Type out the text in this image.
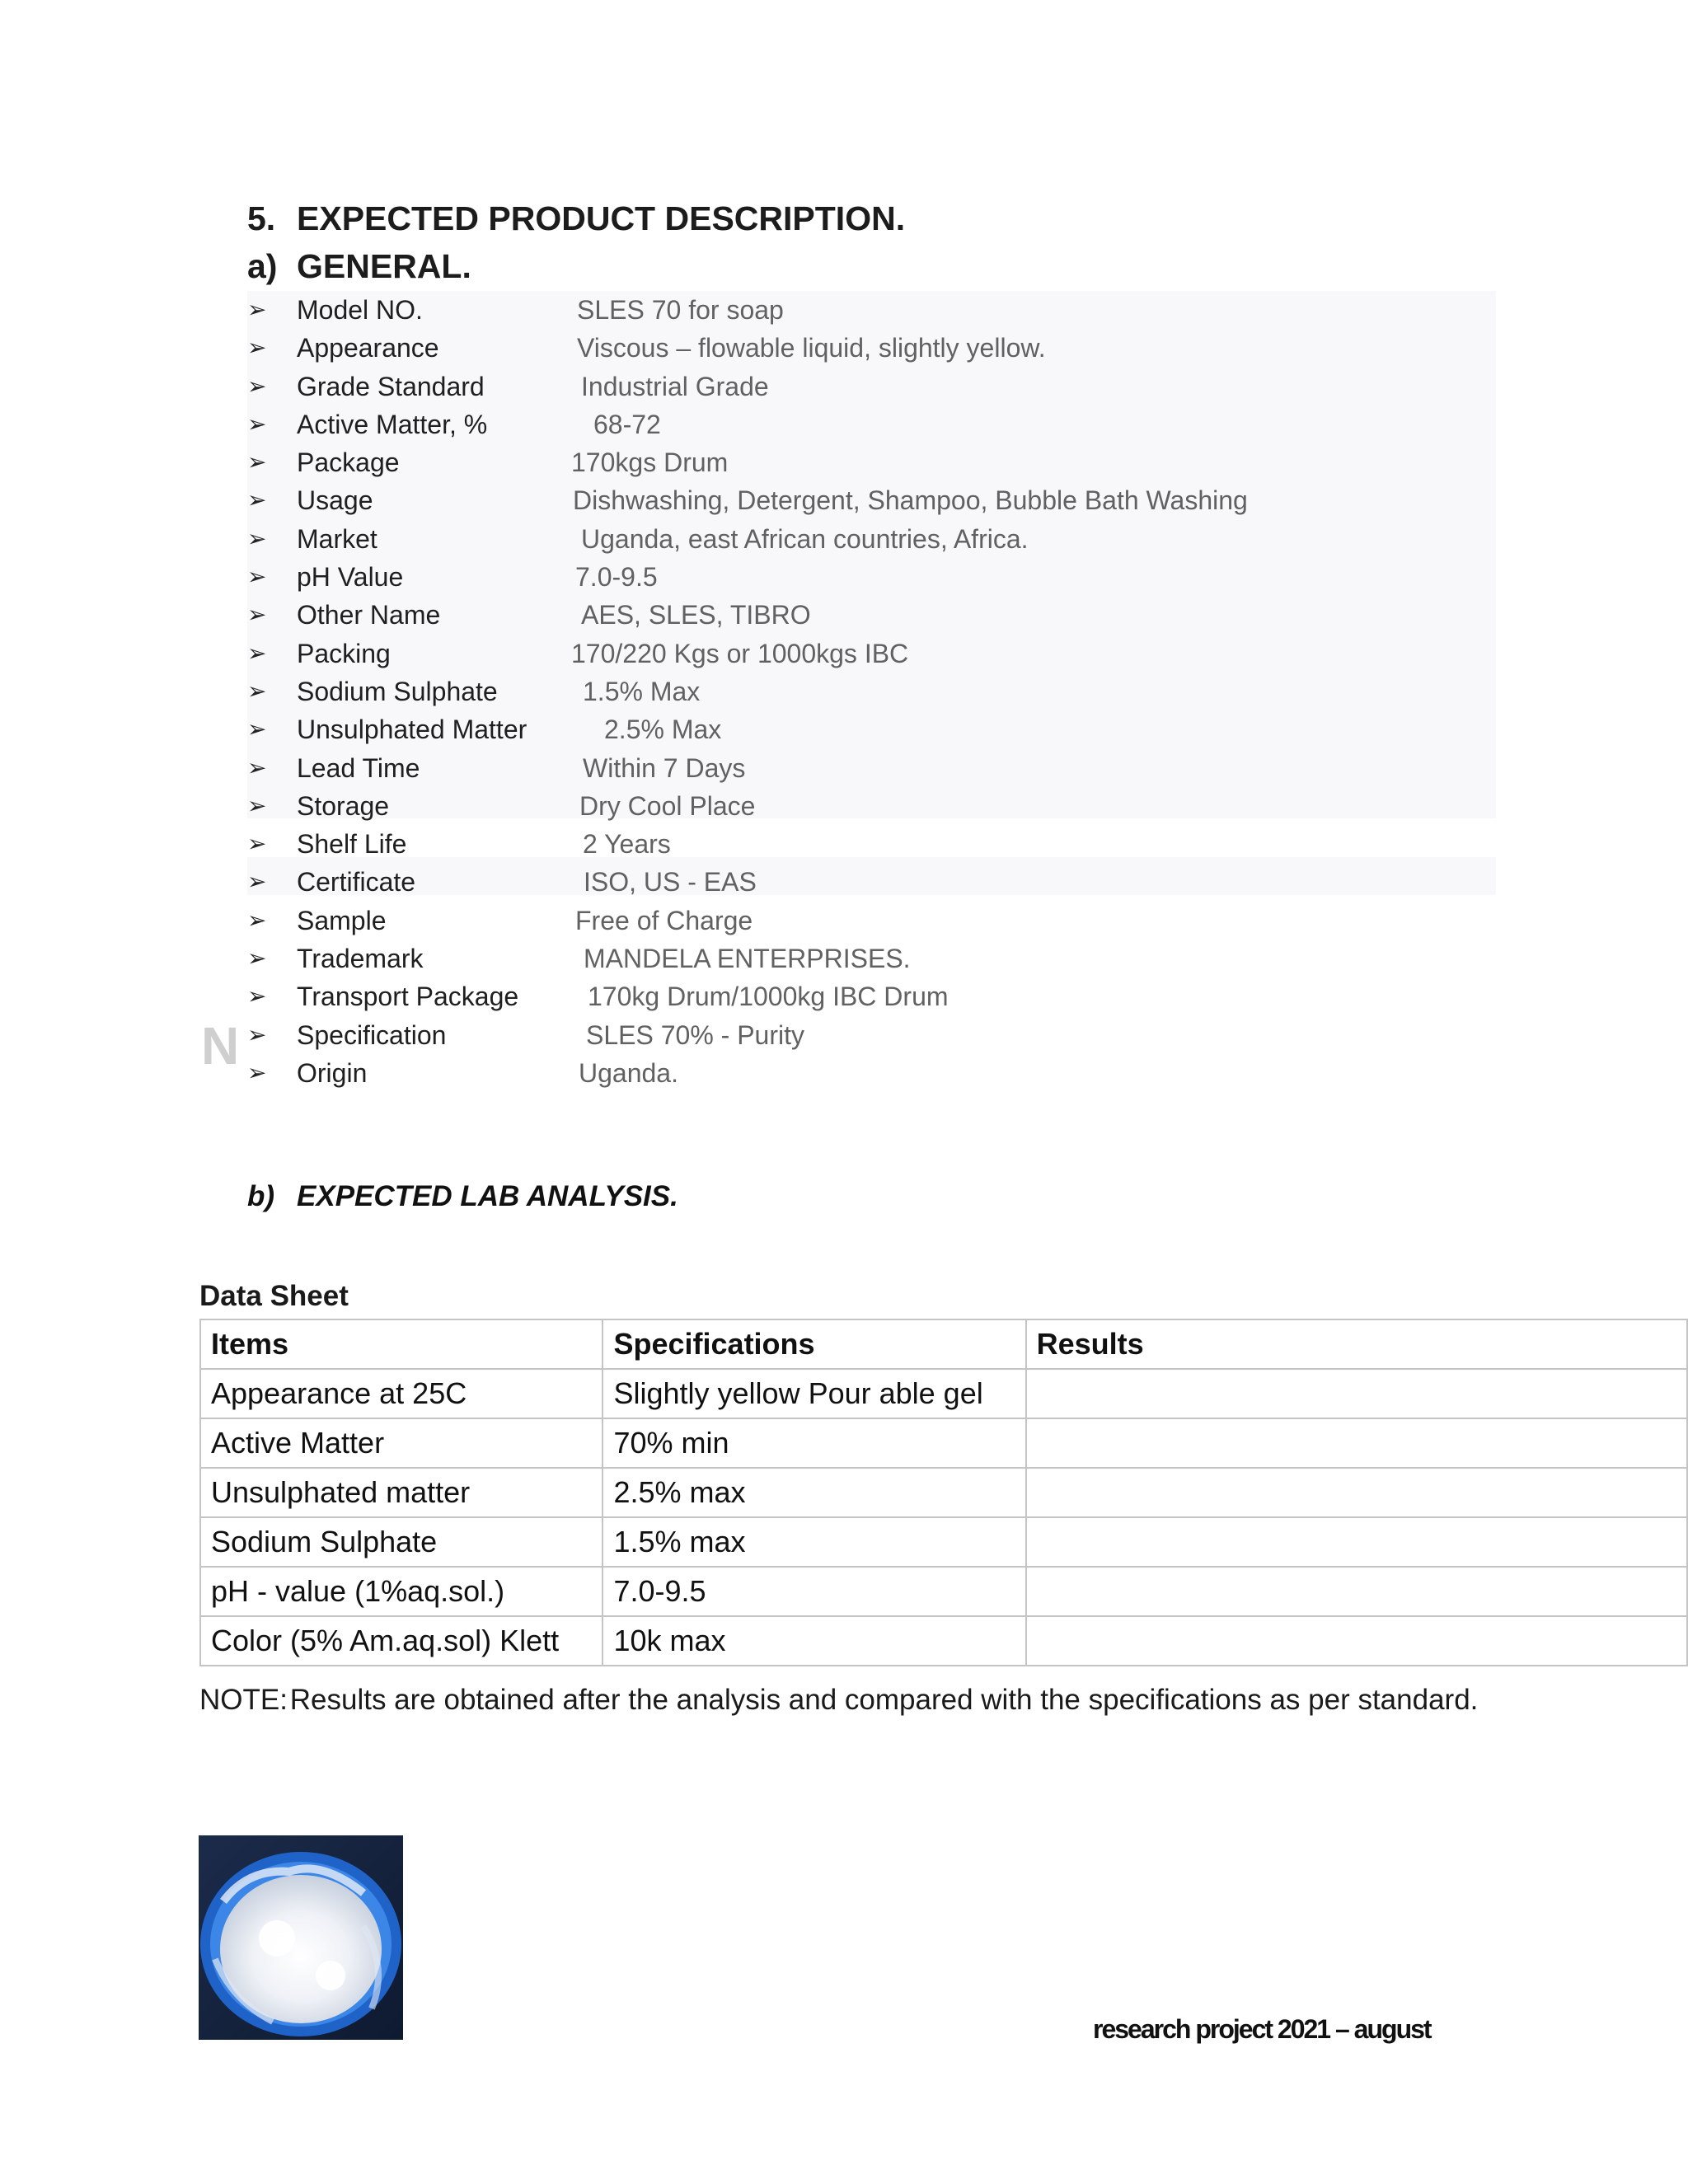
5. EXPECTED PRODUCT DESCRIPTION.
a) GENERAL.
➢	Model NO.	SLES 70 for soap
➢	Appearance	Viscous – flowable liquid, slightly yellow.
➢	Grade Standard	Industrial Grade
➢	Active Matter, %	68-72
➢	Package	170kgs Drum
➢	Usage	Dishwashing, Detergent, Shampoo, Bubble Bath Washing
➢	Market	Uganda, east African countries, Africa.
➢	pH Value	7.0-9.5
➢	Other Name	AES, SLES, TIBRO
➢	Packing	170/220 Kgs or 1000kgs IBC
➢	Sodium Sulphate	1.5% Max
➢	Unsulphated Matter	2.5% Max
➢	Lead Time	Within 7 Days
➢	Storage	Dry Cool Place
➢	Shelf Life	2 Years
➢	Certificate	ISO, US - EAS
➢	Sample	Free of Charge
➢	Trademark	MANDELA ENTERPRISES.
➢	Transport Package	170kg Drum/1000kg IBC Drum
➢	Specification	SLES 70% - Purity
➢	Origin	Uganda.
N
b) EXPECTED LAB ANALYSIS.
Data Sheet
Items	Specifications	Results
Appearance at 25C	Slightly yellow Pour able gel	
Active Matter	70% min	
Unsulphated matter	2.5% max	
Sodium Sulphate	1.5% max	
pH - value (1%aq.sol.)	7.0-9.5	
Color (5% Am.aq.sol) Klett	10k max	
NOTE: Results are obtained after the analysis and compared with the specifications as per standard.
research project 2021 – august
